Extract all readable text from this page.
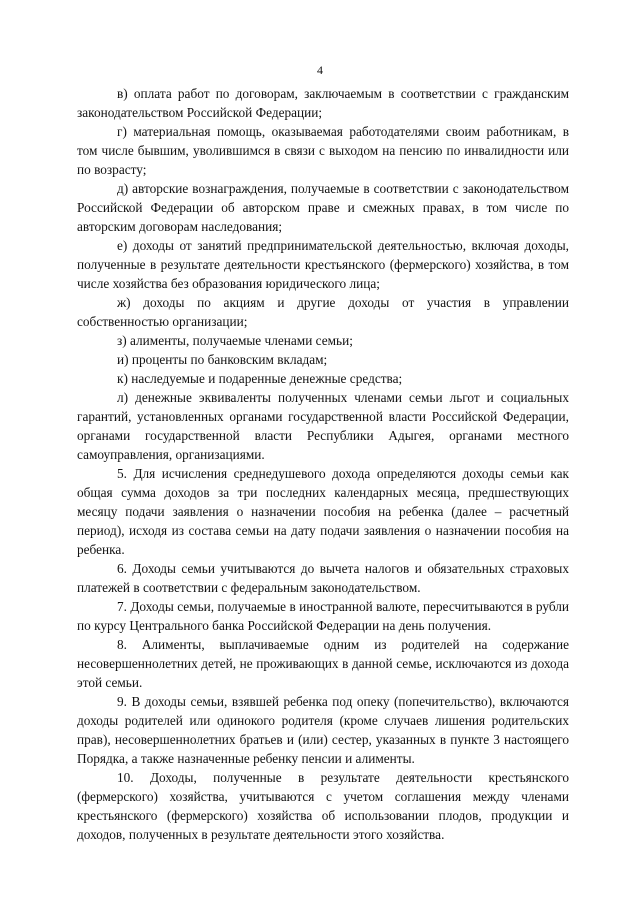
4

в) оплата работ по договорам, заключаемым в соответствии с гражданским законодательством Российской Федерации;

г) материальная помощь, оказываемая работодателями своим работникам, в том числе бывшим, уволившимся в связи с выходом на пенсию по инвалидности или по возрасту;

д) авторские вознаграждения, получаемые в соответствии с законодательством Российской Федерации об авторском праве и смежных правах, в том числе по авторским договорам наследования;

е) доходы от занятий предпринимательской деятельностью, включая доходы, полученные в результате деятельности крестьянского (фермерского) хозяйства, в том числе хозяйства без образования юридического лица;

ж) доходы по акциям и другие доходы от участия в управлении собственностью организации;

з) алименты, получаемые членами семьи;

и) проценты по банковским вкладам;

к) наследуемые и подаренные денежные средства;

л) денежные эквиваленты полученных членами семьи льгот и социальных гарантий, установленных органами государственной власти Российской Федерации, органами государственной власти Республики Адыгея, органами местного самоуправления, организациями.

5. Для исчисления среднедушевого дохода определяются доходы семьи как общая сумма доходов за три последних календарных месяца, предшествующих месяцу подачи заявления о назначении пособия на ребенка (далее – расчетный период), исходя из состава семьи на дату подачи заявления о назначении пособия на ребенка.

6. Доходы семьи учитываются до вычета налогов и обязательных страховых платежей в соответствии с федеральным законодательством.

7. Доходы семьи, получаемые в иностранной валюте, пересчитываются в рубли по курсу Центрального банка Российской Федерации на день получения.

8. Алименты, выплачиваемые одним из родителей на содержание несовершеннолетних детей, не проживающих в данной семье, исключаются из дохода этой семьи.

9. В доходы семьи, взявшей ребенка под опеку (попечительство), включаются доходы родителей или одинокого родителя (кроме случаев лишения родительских прав), несовершеннолетних братьев и (или) сестер, указанных в пункте 3 настоящего Порядка, а также назначенные ребенку пенсии и алименты.

10. Доходы, полученные в результате деятельности крестьянского (фермерского) хозяйства, учитываются с учетом соглашения между членами крестьянского (фермерского) хозяйства об использовании плодов, продукции и доходов, полученных в результате деятельности этого хозяйства.
